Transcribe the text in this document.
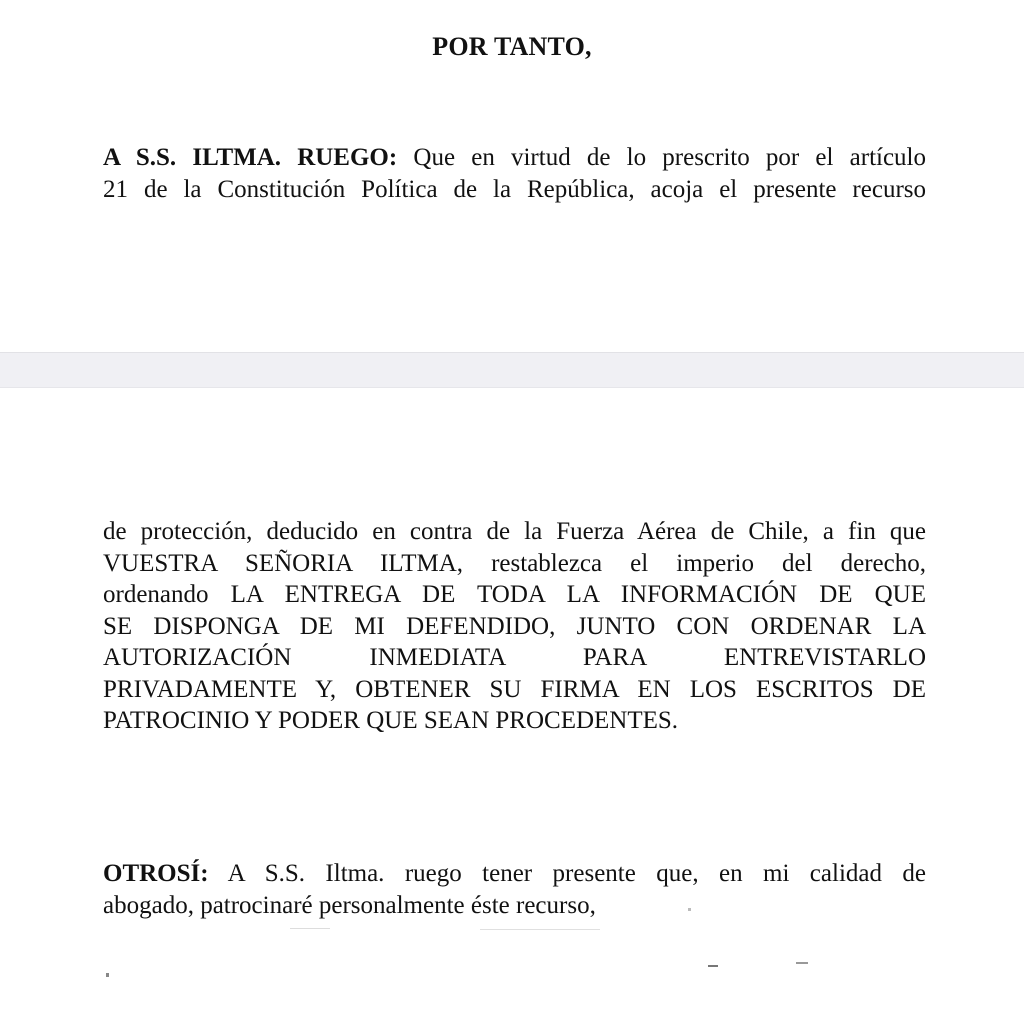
POR TANTO,

A S.S. ILTMA. RUEGO: Que en virtud de lo prescrito por el artículo
21 de la Constitución Política de la República, acoja el presente recurso

de protección, deducido en contra de la Fuerza Aérea de Chile, a fin que
VUESTRA SEÑORIA ILTMA, restablezca el imperio del derecho,
ordenando LA ENTREGA DE TODA LA INFORMACIÓN DE QUE
SE DISPONGA DE MI DEFENDIDO, JUNTO CON ORDENAR LA
AUTORIZACIÓN INMEDIATA PARA ENTREVISTARLO
PRIVADAMENTE Y, OBTENER SU FIRMA EN LOS ESCRITOS DE
PATROCINIO Y PODER QUE SEAN PROCEDENTES.

OTROSÍ: A S.S. Iltma. ruego tener presente que, en mi calidad de
abogado, patrocinaré personalmente éste recurso,
